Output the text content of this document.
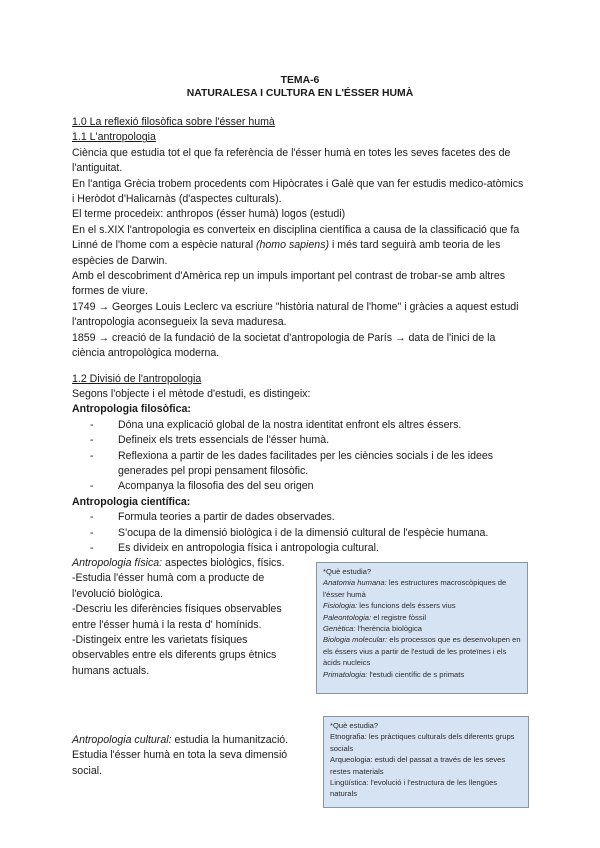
TEMA-6
NATURALESA I CULTURA EN L'ÉSSER HUMÀ
1.0 La reflexió filosòfica sobre l'ésser humà
1.1 L'antropologia
Ciència que estudia tot el que fa referència de l'ésser humà en totes les seves facetes des de l'antiguitat.
En l'antiga Grècia trobem procedents com Hipòcrates i Galè que van fer estudis medico-atòmics i Heròdot d'Halicarnàs (d'aspectes culturals).
El terme procedeix: anthropos (ésser humà) logos (estudi)
En el s.XIX l'antropologia es converteix en disciplina científica a causa de la classificació que fa Linné de l'home com a espècie natural (homo sapiens) i més tard seguirà amb teoria de les espècies de Darwin.
Amb el descobriment d'Amèrica rep un impuls important pel contrast de trobar-se amb altres formes de viure.
1749 → Georges Louis Leclerc va escriure "història natural de l'home" i gràcies a aquest estudi l'antropologia aconsegueix la seva maduresa.
1859 → creació de la fundació de la societat d'antropologia de París → data de l'inici de la ciència antropològica moderna.
1.2 Divisió de l'antropologia
Segons l'objecte i el mètode d'estudi, es distingeix:
Antropologia filosòfica:
- Dóna una explicació global de la nostra identitat enfront els altres éssers.
- Defineix els trets essencials de l'ésser humà.
- Reflexiona a partir de les dades facilitades per les ciències socials i de les idees generades pel propi pensament filosòfic.
- Acompanya la filosofia des del seu origen
Antropologia científica:
- Formula teories a partir de dades observades.
- S'ocupa de la dimensió biològica i de la dimensió cultural de l'espècie humana.
- Es divideix en antropologia física i antropologia cultural.
Antropologia física: aspectes biològics, físics.
-Estudia l'ésser humà com a producte de l'evolució biològica.
-Descriu les diferències físiques observables entre l'ésser humà i la resta d' homínids.
-Distingeix entre les varietats físiques observables entre els diferents grups ètnics humans actuals.

*Què estudia?

Anatomia humana: les estructures macroscòpiques de l'ésser humà

Fisiologia: les funcions dels éssers vius

Paleontologia: el registre fòssil

Genètica: l'herència biològica

Biologia molecular: els processos que es desenvolupen en els éssers vius a partir de l'estudi de les proteïnes i els àcids nucleics

Primatologia: l'estudi científic de s primats

Antropologia cultural: estudia la humanització. Estudia l'ésser humà en tota la seva dimensió social.

*Què estudia?

Etnografia: les pràctiques culturals dels diferents grups socials

Arqueologia: estudi del passat a través de les seves restes materials

Lingüística: l'evolució i l'estructura de les llengües naturals
